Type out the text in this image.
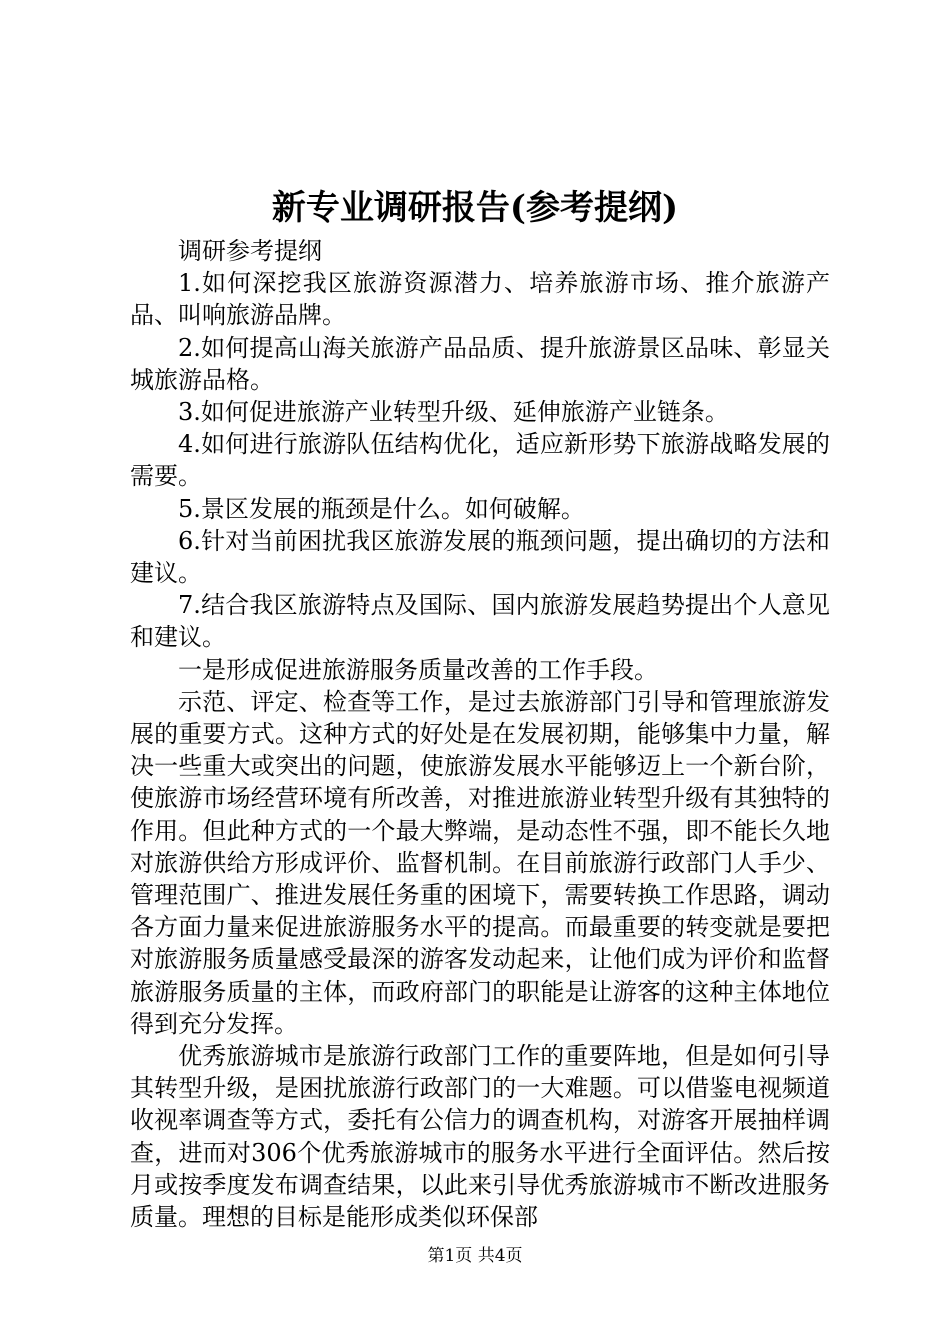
新专业调研报告(参考提纲)

调研参考提纲

1.如何深挖我区旅游资源潜力、培养旅游市场、推介旅游产品、叫响旅游品牌。

2.如何提高山海关旅游产品品质、提升旅游景区品味、彰显关城旅游品格。

3.如何促进旅游产业转型升级、延伸旅游产业链条。

4.如何进行旅游队伍结构优化，适应新形势下旅游战略发展的需要。

5.景区发展的瓶颈是什么。如何破解。

6.针对当前困扰我区旅游发展的瓶颈问题，提出确切的方法和建议。

7.结合我区旅游特点及国际、国内旅游发展趋势提出个人意见和建议。

一是形成促进旅游服务质量改善的工作手段。

示范、评定、检查等工作，是过去旅游部门引导和管理旅游发展的重要方式。这种方式的好处是在发展初期，能够集中力量，解决一些重大或突出的问题，使旅游发展水平能够迈上一个新台阶，使旅游市场经营环境有所改善，对推进旅游业转型升级有其独特的作用。但此种方式的一个最大弊端，是动态性不强，即不能长久地对旅游供给方形成评价、监督机制。在目前旅游行政部门人手少、管理范围广、推进发展任务重的困境下，需要转换工作思路，调动各方面力量来促进旅游服务水平的提高。而最重要的转变就是要把对旅游服务质量感受最深的游客发动起来，让他们成为评价和监督旅游服务质量的主体，而政府部门的职能是让游客的这种主体地位得到充分发挥。

优秀旅游城市是旅游行政部门工作的重要阵地，但是如何引导其转型升级，是困扰旅游行政部门的一大难题。可以借鉴电视频道收视率调查等方式，委托有公信力的调查机构，对游客开展抽样调查，进而对306个优秀旅游城市的服务水平进行全面评估。然后按月或按季度发布调查结果，以此来引导优秀旅游城市不断改进服务质量。理想的目标是能形成类似环保部

第1页 共4页
